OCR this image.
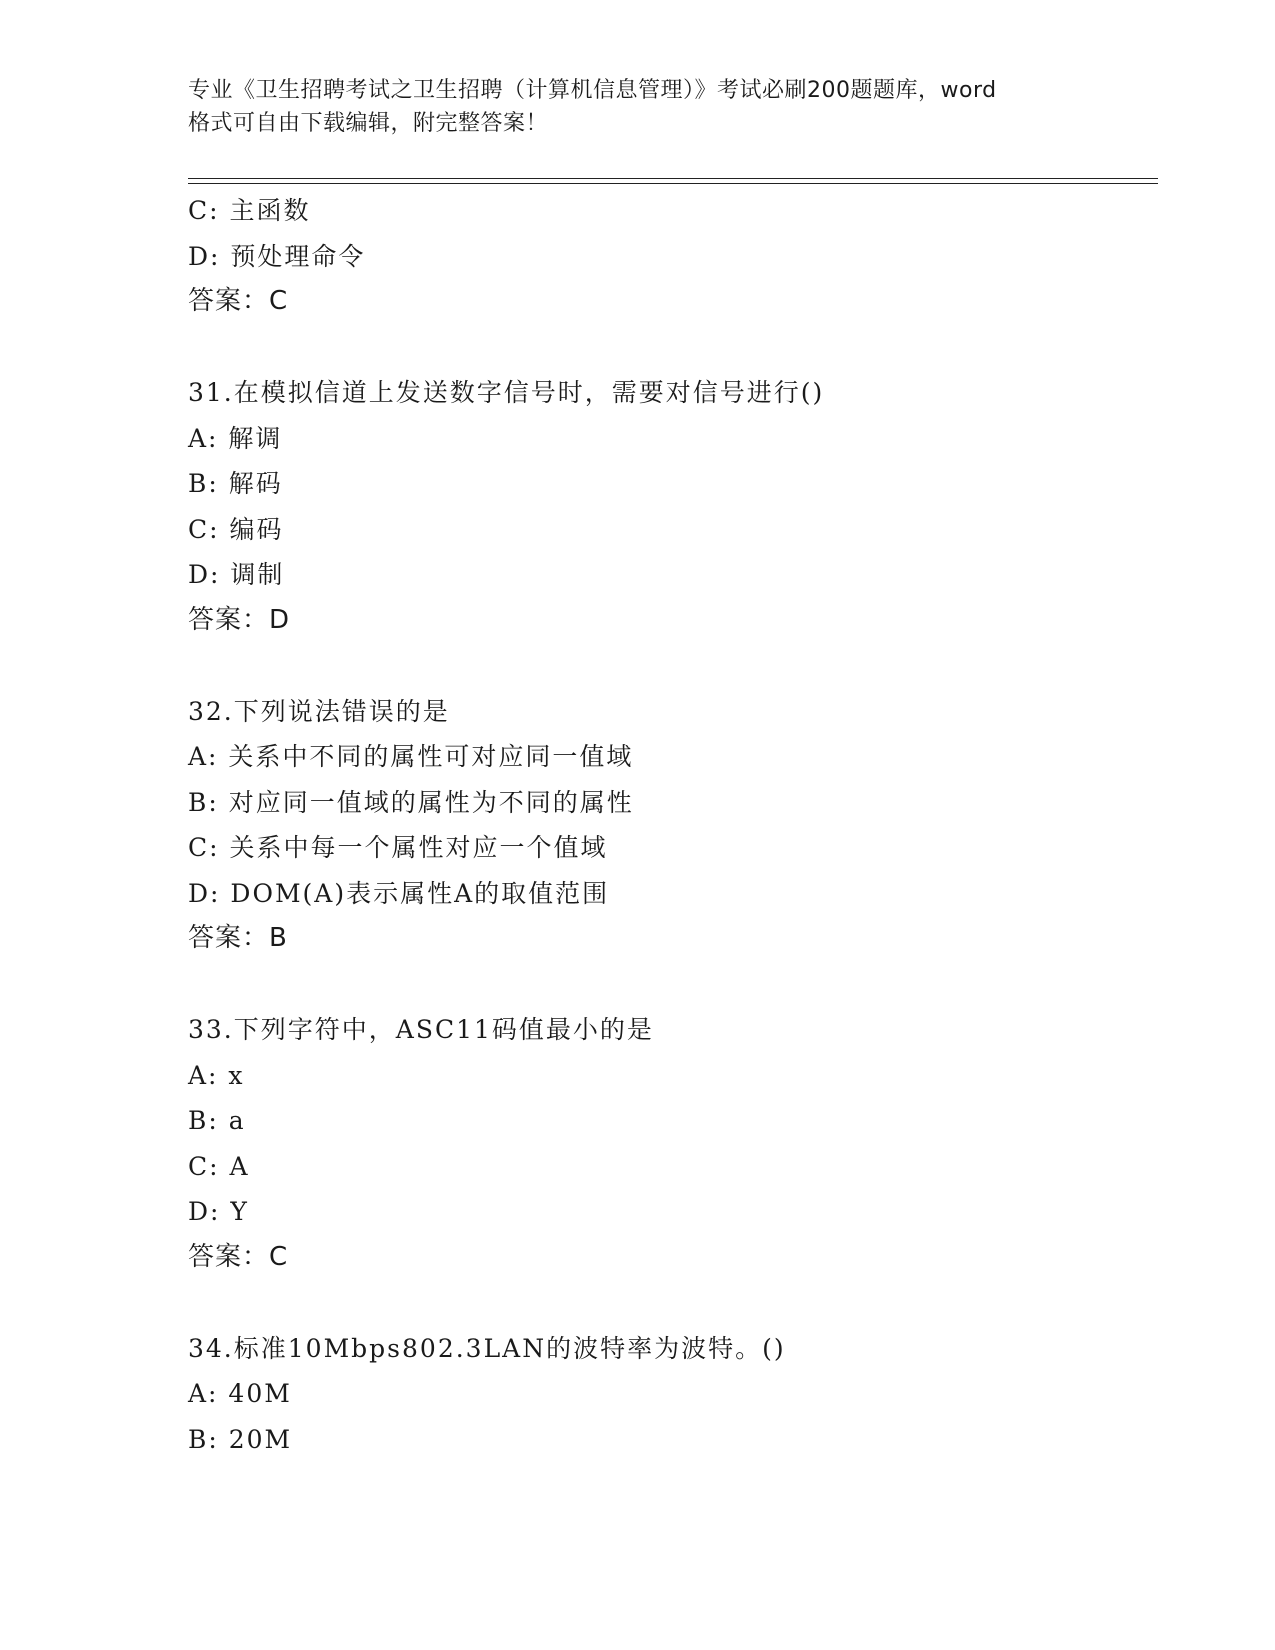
专业《卫生招聘考试之卫生招聘（计算机信息管理）》考试必刷200题题库，word
格式可自由下载编辑，附完整答案！
C: 主函数
D: 预处理命令
答案：C
31.在模拟信道上发送数字信号时，需要对信号进行()
A: 解调
B: 解码
C: 编码
D: 调制
答案：D
32.下列说法错误的是
A: 关系中不同的属性可对应同一值域
B: 对应同一值域的属性为不同的属性
C: 关系中每一个属性对应一个值域
D: DOM(A)表示属性A的取值范围
答案：B
33.下列字符中，ASC11码值最小的是
A: x
B: a
C: A
D: Y
答案：C
34.标准10Mbps802.3LAN的波特率为波特。()
A: 40M
B: 20M
